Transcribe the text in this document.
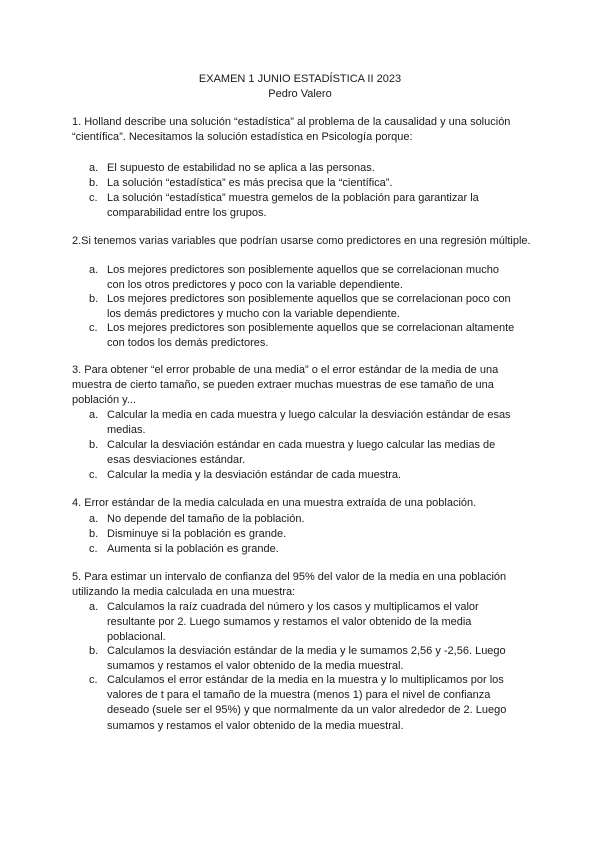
EXAMEN 1 JUNIO ESTADÍSTICA II 2023
Pedro Valero
1. Holland describe una solución “estadística” al problema de la causalidad y una solución “científica”. Necesitamos la solución estadística en Psicología porque:
a. El supuesto de estabilidad no se aplica a las personas.
b. La solución “estadística” es más precisa que la “científica”.
c. La solución “estadística” muestra gemelos de la población para garantizar la comparabilidad entre los grupos.
2.Si tenemos varias variables que podrían usarse como predictores en una regresión múltiple.
a. Los mejores predictores son posiblemente aquellos que se correlacionan mucho con los otros predictores y poco con la variable dependiente.
b. Los mejores predictores son posiblemente aquellos que se correlacionan poco con los demás predictores y mucho con la variable dependiente.
c. Los mejores predictores son posiblemente aquellos que se correlacionan altamente con todos los demás predictores.
3. Para obtener “el error probable de una media” o el error estándar de la media de una muestra de cierto tamaño, se pueden extraer muchas muestras de ese tamaño de una población y...
a. Calcular la media en cada muestra y luego calcular la desviación estándar de esas medias.
b. Calcular la desviación estándar en cada muestra y luego calcular las medias de esas desviaciones estándar.
c. Calcular la media y la desviación estándar de cada muestra.
4. Error estándar de la media calculada en una muestra extraída de una población.
a. No depende del tamaño de la población.
b. Disminuye si la población es grande.
c. Aumenta si la población es grande.
5. Para estimar un intervalo de confianza del 95% del valor de la media en una población utilizando la media calculada en una muestra:
a. Calculamos la raíz cuadrada del número y los casos y multiplicamos el valor resultante por 2. Luego sumamos y restamos el valor obtenido de la media poblacional.
b. Calculamos la desviación estándar de la media y le sumamos 2,56 y -2,56. Luego sumamos y restamos el valor obtenido de la media muestral.
c. Calculamos el error estándar de la media en la muestra y lo multiplicamos por los valores de t para el tamaño de la muestra (menos 1) para el nivel de confianza deseado (suele ser el 95%) y que normalmente da un valor alrededor de 2. Luego sumamos y restamos el valor obtenido de la media muestral.
